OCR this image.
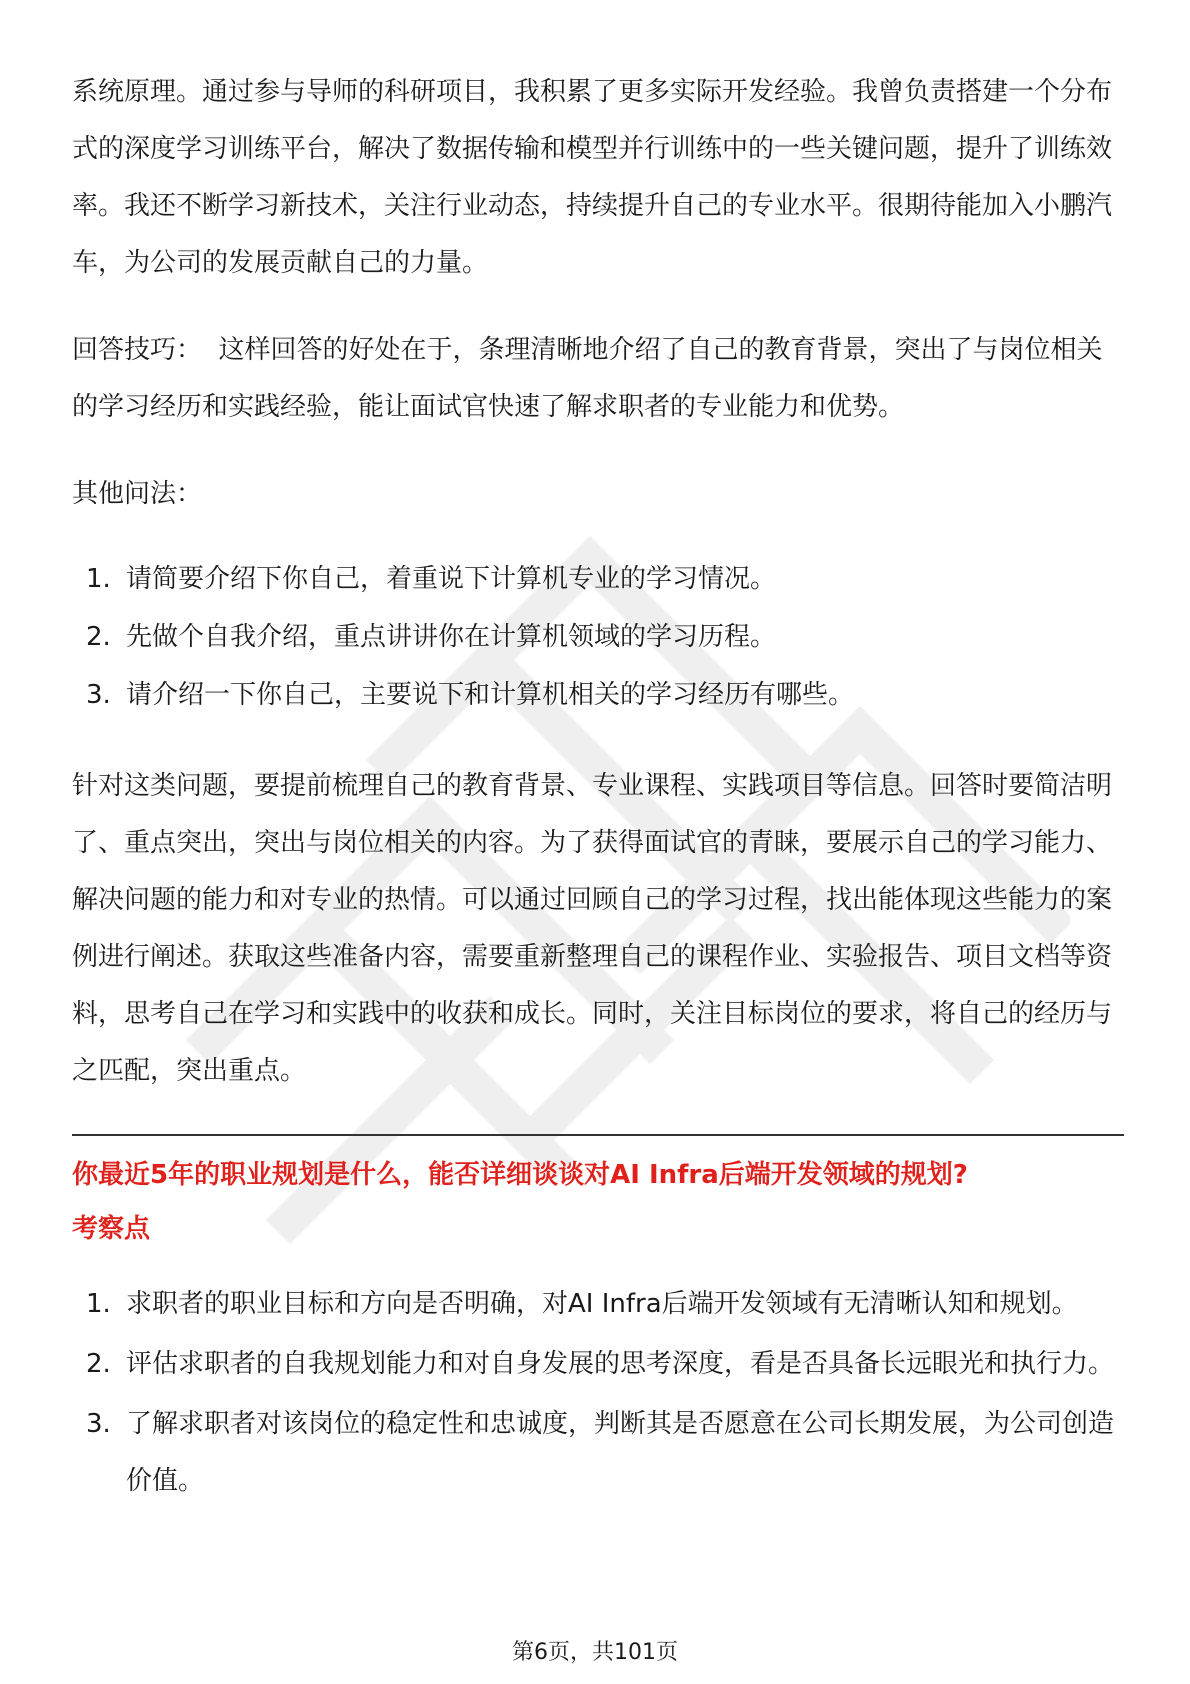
系统原理。通过参与导师的科研项目，我积累了更多实际开发经验。我曾负责搭建一个分布式的深度学习训练平台，解决了数据传输和模型并行训练中的一些关键问题，提升了训练效率。我还不断学习新技术，关注行业动态，持续提升自己的专业水平。很期待能加入小鹏汽车，为公司的发展贡献自己的力量。

回答技巧： 这样回答的好处在于，条理清晰地介绍了自己的教育背景，突出了与岗位相关的学习经历和实践经验，能让面试官快速了解求职者的专业能力和优势。

其他问法：

1. 请简要介绍下你自己，着重说下计算机专业的学习情况。
2. 先做个自我介绍，重点讲讲你在计算机领域的学习历程。
3. 请介绍一下你自己，主要说下和计算机相关的学习经历有哪些。

针对这类问题，要提前梳理自己的教育背景、专业课程、实践项目等信息。回答时要简洁明了、重点突出，突出与岗位相关的内容。为了获得面试官的青睐，要展示自己的学习能力、解决问题的能力和对专业的热情。可以通过回顾自己的学习过程，找出能体现这些能力的案例进行阐述。获取这些准备内容，需要重新整理自己的课程作业、实验报告、项目文档等资料，思考自己在学习和实践中的收获和成长。同时，关注目标岗位的要求，将自己的经历与之匹配，突出重点。

你最近5年的职业规划是什么，能否详细谈谈对AI Infra后端开发领域的规划?

考察点

1. 求职者的职业目标和方向是否明确，对AI Infra后端开发领域有无清晰认知和规划。
2. 评估求职者的自我规划能力和对自身发展的思考深度，看是否具备长远眼光和执行力。
3. 了解求职者对该岗位的稳定性和忠诚度，判断其是否愿意在公司长期发展，为公司创造价值。
第6页，共101页
